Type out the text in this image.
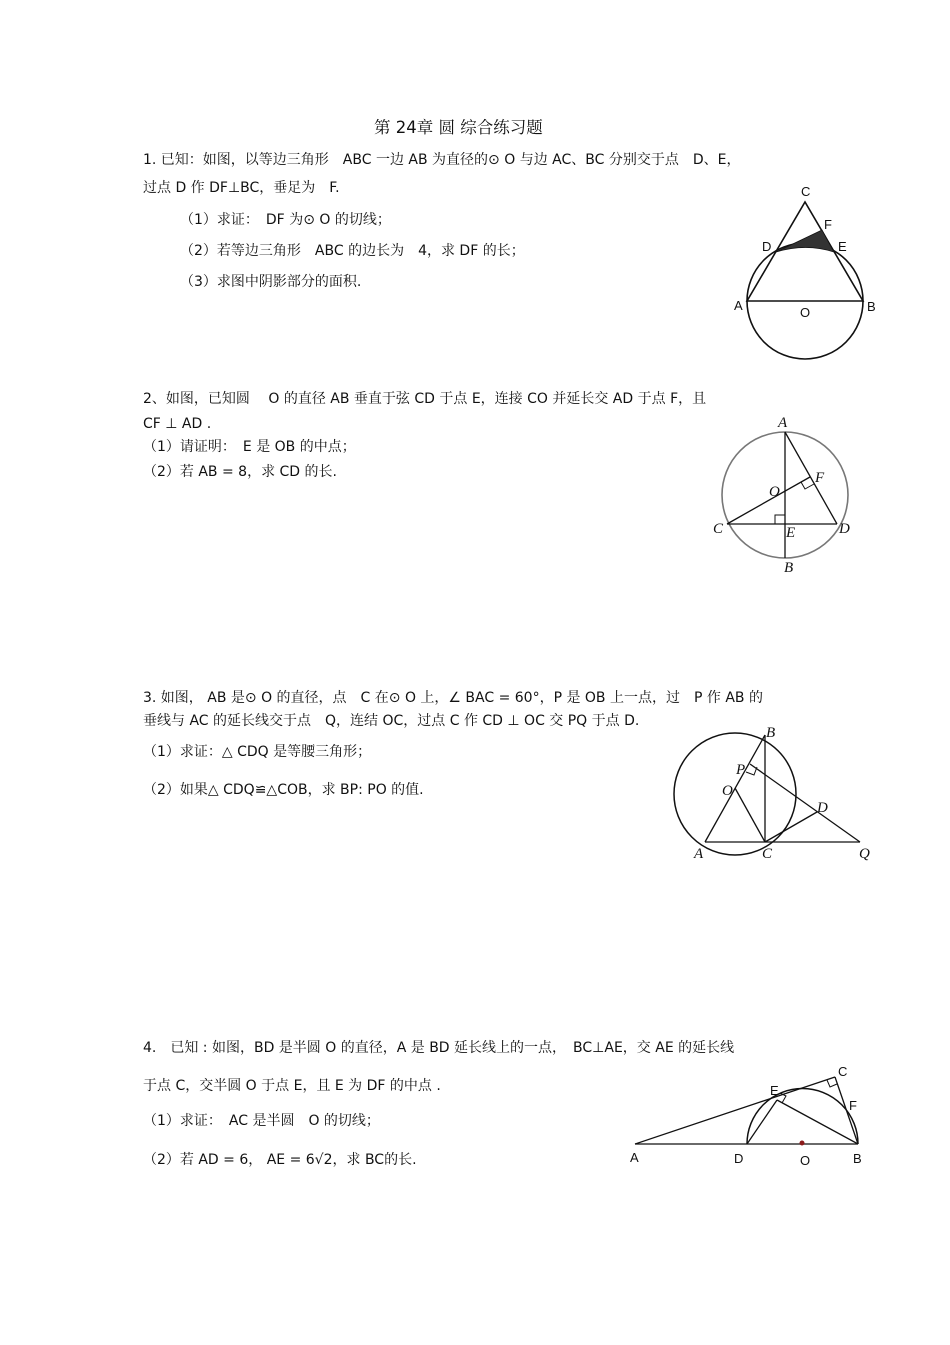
第 24章 圆 综合练习题
1. 已知：如图，以等边三角形　ABC 一边 AB 为直径的⊙ O 与边 AC、BC 分别交于点　D、E，
过点 D 作 DF⊥BC，垂足为　F.
（1）求证：　DF 为⊙ O 的切线；
（2）若等边三角形　ABC 的边长为　4，求 DF 的长；
（3）求图中阴影部分的面积.
C
F
D	E
A	B
O
2、如图，已知圆　 O 的直径 AB 垂直于弦 CD 于点 E，连接 CO 并延长交 AD 于点 F，且
CF ⊥ AD .
（1）请证明：　E 是 OB 的中点；
（2）若 AB = 8，求 CD 的长.
A
F
O
C	E	D
B
3. 如图， AB 是⊙ O 的直径，点　C 在⊙ O 上，∠ BAC = 60°，P 是 OB 上一点，过　P 作 AB 的
垂线与 AC 的延长线交于点　Q，连结 OC，过点 C 作 CD ⊥ OC 交 PQ 于点 D.
（1）求证：△ CDQ 是等腰三角形；
（2）如果△ CDQ≌△COB，求 BP: PO 的值.
B
P
O
D
A	C	Q
4.　已知 : 如图，BD 是半圆 O 的直径，A 是 BD 延长线上的一点，　BC⊥AE，交 AE 的延长线
于点 C，交半圆 O 于点 E，且 E 为 DF 的中点 .
（1）求证：　AC 是半圆　O 的切线；
（2）若 AD = 6， AE = 6√2，求 BC的长.
C
E
F
A	D	O	B
